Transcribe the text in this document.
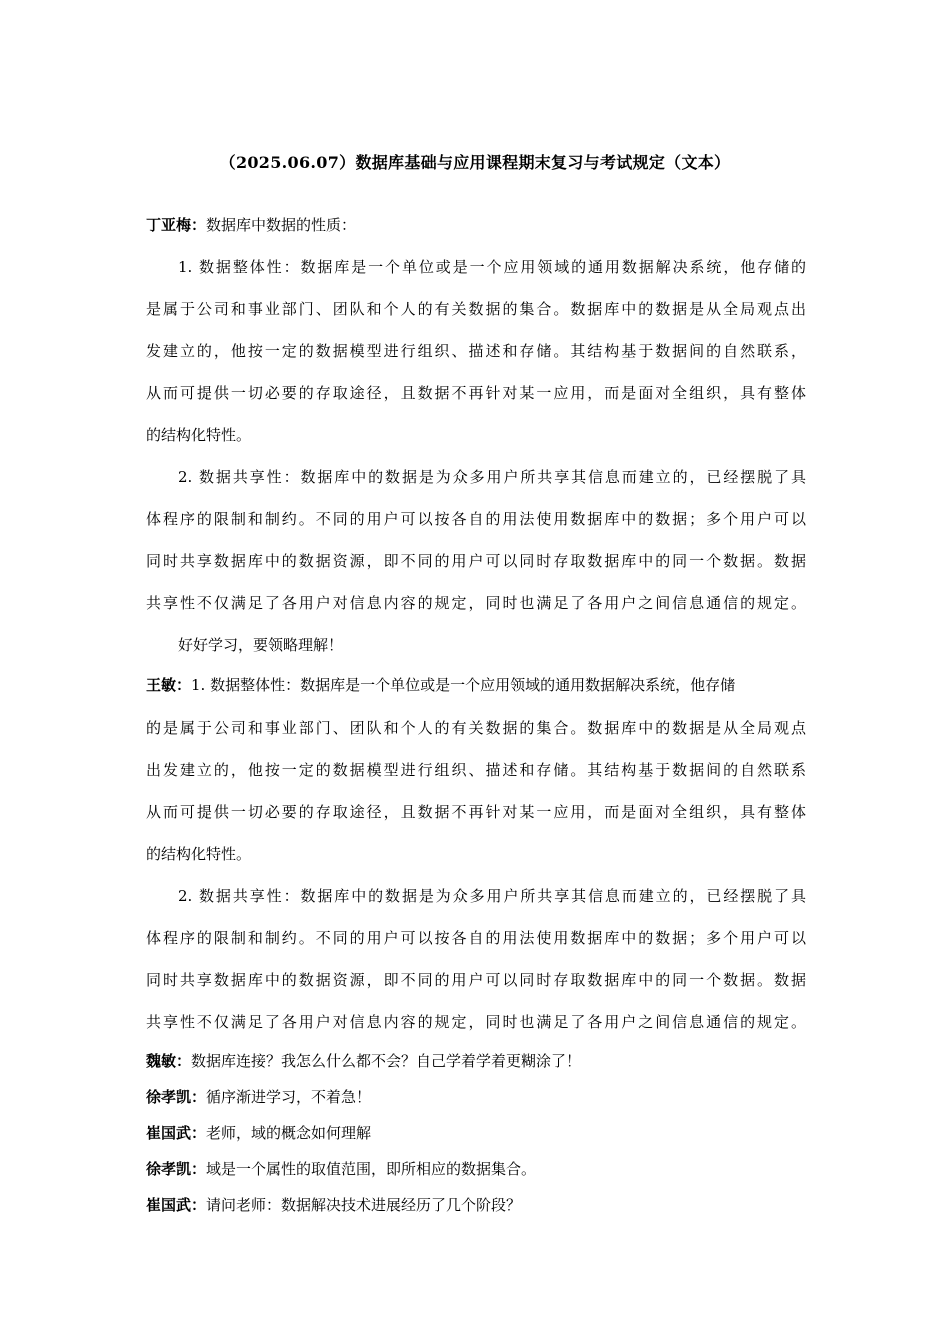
（2025.06.07）数据库基础与应用课程期末复习与考试规定（文本）
丁亚梅：数据库中数据的性质：
1. 数据整体性：数据库是一个单位或是一个应用领域的通用数据解决系统，他存储的
是属于公司和事业部门、团队和个人的有关数据的集合。数据库中的数据是从全局观点出
发建立的，他按一定的数据模型进行组织、描述和存储。其结构基于数据间的自然联系，
从而可提供一切必要的存取途径，且数据不再针对某一应用，而是面对全组织，具有整体
的结构化特性。
2. 数据共享性：数据库中的数据是为众多用户所共享其信息而建立的，已经摆脱了具
体程序的限制和制约。不同的用户可以按各自的用法使用数据库中的数据；多个用户可以
同时共享数据库中的数据资源，即不同的用户可以同时存取数据库中的同一个数据。数据
共享性不仅满足了各用户对信息内容的规定，同时也满足了各用户之间信息通信的规定。
好好学习，要领略理解！
王敏：1. 数据整体性：数据库是一个单位或是一个应用领域的通用数据解决系统，他存储
的是属于公司和事业部门、团队和个人的有关数据的集合。数据库中的数据是从全局观点
出发建立的，他按一定的数据模型进行组织、描述和存储。其结构基于数据间的自然联系
从而可提供一切必要的存取途径，且数据不再针对某一应用，而是面对全组织，具有整体
的结构化特性。
2. 数据共享性：数据库中的数据是为众多用户所共享其信息而建立的，已经摆脱了具
体程序的限制和制约。不同的用户可以按各自的用法使用数据库中的数据；多个用户可以
同时共享数据库中的数据资源，即不同的用户可以同时存取数据库中的同一个数据。数据
共享性不仅满足了各用户对信息内容的规定，同时也满足了各用户之间信息通信的规定。
魏敏：数据库连接？我怎么什么都不会？自己学着学着更糊涂了！
徐孝凯：循序渐进学习，不着急！
崔国武：老师，域的概念如何理解
徐孝凯：域是一个属性的取值范围，即所相应的数据集合。
崔国武：请问老师：数据解决技术进展经历了几个阶段？
